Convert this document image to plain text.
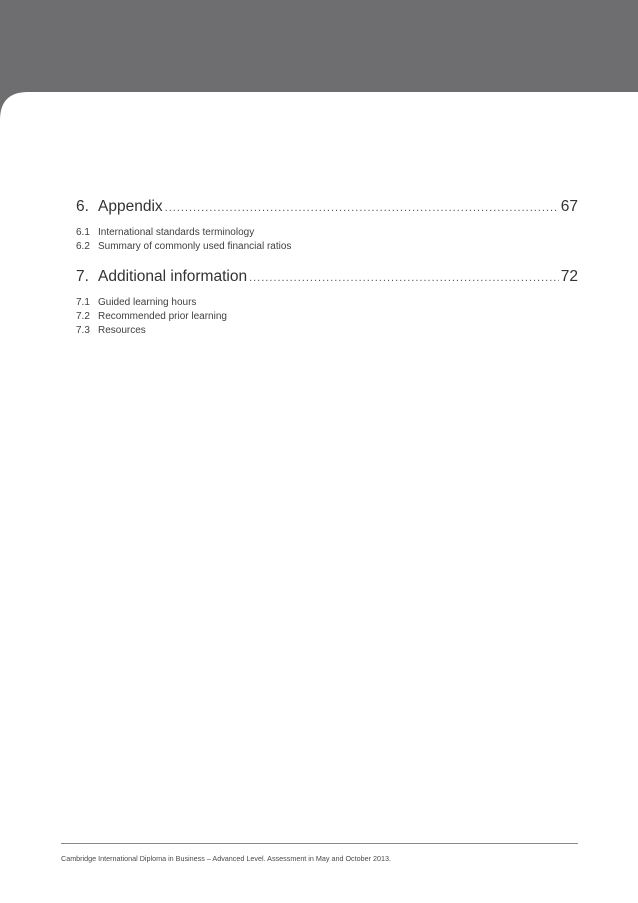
6. Appendix .....	67
6.1 International standards terminology
6.2 Summary of commonly used financial ratios
7. Additional information .....	72
7.1 Guided learning hours
7.2 Recommended prior learning
7.3 Resources
Cambridge International Diploma in Business – Advanced Level. Assessment in May and October 2013.
